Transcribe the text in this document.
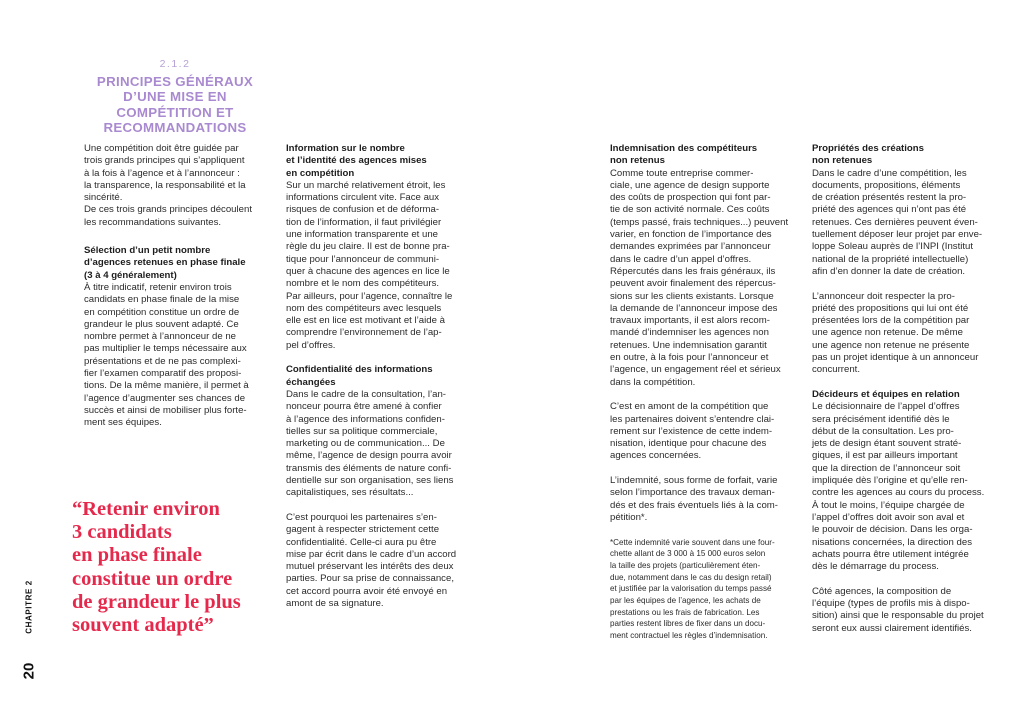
2.1.2
PRINCIPES GÉNÉRAUX
D’UNE MISE EN
COMPÉTITION ET
RECOMMANDATIONS
Une compétition doit être guidée par
trois grands principes qui s’appliquent
à la fois à l’agence et à l’annonceur :
la transparence, la responsabilité et la
sincérité.
De ces trois grands principes découlent
les recommandations suivantes.
Sélection d’un petit nombre
d’agences retenues en phase finale
(3 à 4 généralement)
À titre indicatif, retenir environ trois
candidats en phase finale de la mise
en compétition constitue un ordre de
grandeur le plus souvent adapté. Ce
nombre permet à l’annonceur de ne
pas multiplier le temps nécessaire aux
présentations et de ne pas complexi-
fier l’examen comparatif des proposi-
tions. De la même manière, il permet à
l’agence d’augmenter ses chances de
succès et ainsi de mobiliser plus forte-
ment ses équipes.
“Retenir environ
3 candidats
en phase finale
constitue un ordre
de grandeur le plus
souvent adapté”
20
CHAPITRE 2
Information sur le nombre
et l’identité des agences mises
en compétition
Sur un marché relativement étroit, les
informations circulent vite. Face aux
risques de confusion et de déforma-
tion de l’information, il faut privilégier
une information transparente et une
règle du jeu claire. Il est de bonne pra-
tique pour l’annonceur de communi-
quer à chacune des agences en lice le
nombre et le nom des compétiteurs.
Par ailleurs, pour l’agence, connaître le
nom des compétiteurs avec lesquels
elle est en lice est motivant et l’aide à
comprendre l’environnement de l’ap-
pel d’offres.
Confidentialité des informations
échangées
Dans le cadre de la consultation, l’an-
nonceur pourra être amené à confier
à l’agence des informations confiden-
tielles sur sa politique commerciale,
marketing ou de communication... De
même, l’agence de design pourra avoir
transmis des éléments de nature confi-
dentielle sur son organisation, ses liens
capitalistiques, ses résultats...
C’est pourquoi les partenaires s’en-
gagent à respecter strictement cette
confidentialité. Celle-ci aura pu être
mise par écrit dans le cadre d’un accord
mutuel préservant les intérêts des deux
parties. Pour sa prise de connaissance,
cet accord pourra avoir été envoyé en
amont de sa signature.
Indemnisation des compétiteurs
non retenus
Comme toute entreprise commer-
ciale, une agence de design supporte
des coûts de prospection qui font par-
tie de son activité normale. Ces coûts
(temps passé, frais techniques...) peuvent
varier, en fonction de l’importance des
demandes exprimées par l’annonceur
dans le cadre d’un appel d’offres.
Répercutés dans les frais généraux, ils
peuvent avoir finalement des répercus-
sions sur les clients existants. Lorsque
la demande de l’annonceur impose des
travaux importants, il est alors recom-
mandé d’indemniser les agences non
retenues. Une indemnisation garantit
en outre, à la fois pour l’annonceur et
l’agence, un engagement réel et sérieux
dans la compétition.
C’est en amont de la compétition que
les partenaires doivent s’entendre clai-
rement sur l’existence de cette indem-
nisation, identique pour chacune des
agences concernées.
L’indemnité, sous forme de forfait, varie
selon l’importance des travaux deman-
dés et des frais éventuels liés à la com-
pétition*.
*Cette indemnité varie souvent dans une four-
chette allant de 3 000 à 15 000 euros selon
la taille des projets (particulièrement éten-
due, notamment dans le cas du design retail)
et justifiée par la valorisation du temps passé
par les équipes de l’agence, les achats de
prestations ou les frais de fabrication. Les
parties restent libres de fixer dans un docu-
ment contractuel les règles d’indemnisation.
Propriétés des créations
non retenues
Dans le cadre d’une compétition, les
documents, propositions, éléments
de création présentés restent la pro-
priété des agences qui n’ont pas été
retenues. Ces dernières peuvent éven-
tuellement déposer leur projet par enve-
loppe Soleau auprès de l’INPI (Institut
national de la propriété intellectuelle)
afin d’en donner la date de création.
L’annonceur doit respecter la pro-
priété des propositions qui lui ont été
présentées lors de la compétition par
une agence non retenue. De même
une agence non retenue ne présente
pas un projet identique à un annonceur
concurrent.
Décideurs et équipes en relation
Le décisionnaire de l’appel d’offres
sera précisément identifié dès le
début de la consultation. Les pro-
jets de design étant souvent straté-
giques, il est par ailleurs important
que la direction de l’annonceur soit
impliquée dès l’origine et qu’elle ren-
contre les agences au cours du process.
À tout le moins, l’équipe chargée de
l’appel d’offres doit avoir son aval et
le pouvoir de décision. Dans les orga-
nisations concernées, la direction des
achats pourra être utilement intégrée
dès le démarrage du process.
Côté agences, la composition de
l’équipe (types de profils mis à dispo-
sition) ainsi que le responsable du projet
seront eux aussi clairement identifiés.
